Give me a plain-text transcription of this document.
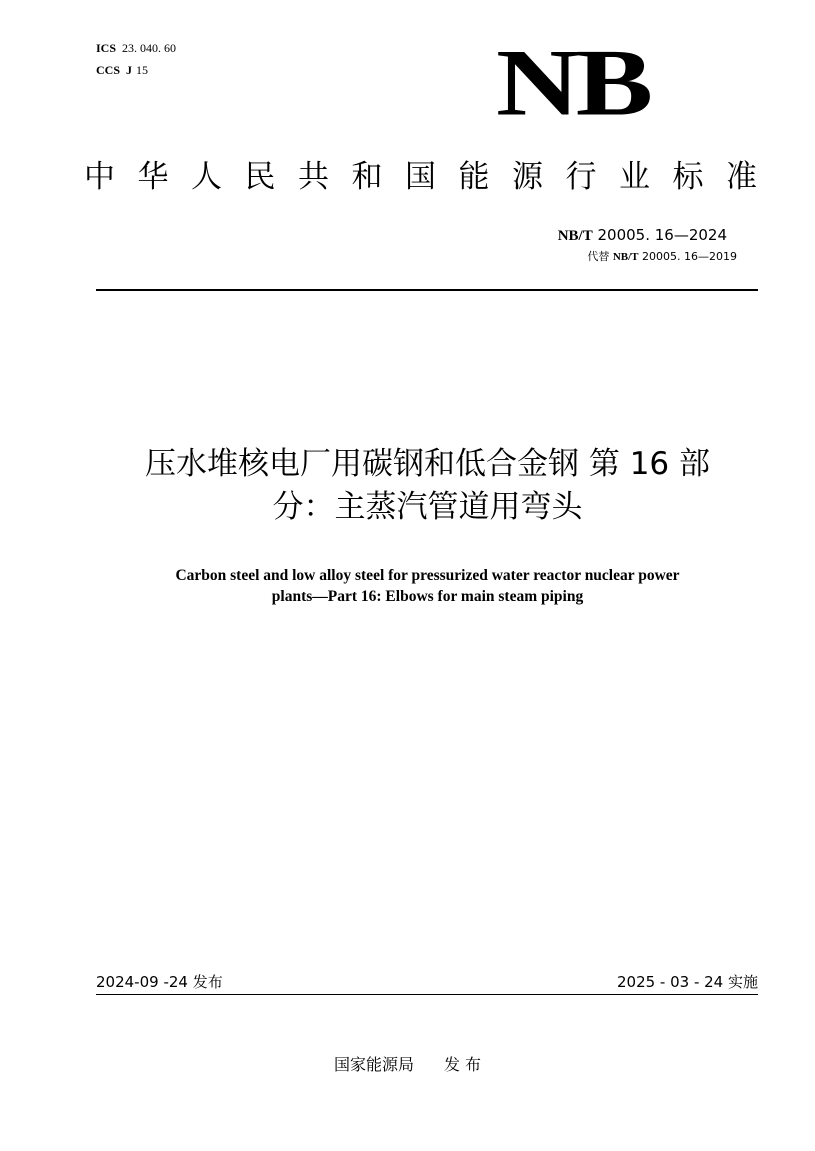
ICS 23. 040. 60
CCS J 15	NB
中华人民共和国能源行业标准
NB/T 20005. 16—2024
代替 NB/T 20005. 16—2019
压水堆核电厂用碳钢和低合金钢 第 16 部
分：主蒸汽管道用弯头
Carbon steel and low alloy steel for pressurized water reactor nuclear power
plants—Part 16: Elbows for main steam piping
2024-09 -24 发布	2025 - 03 - 24 实施
国家能源局 发 布
